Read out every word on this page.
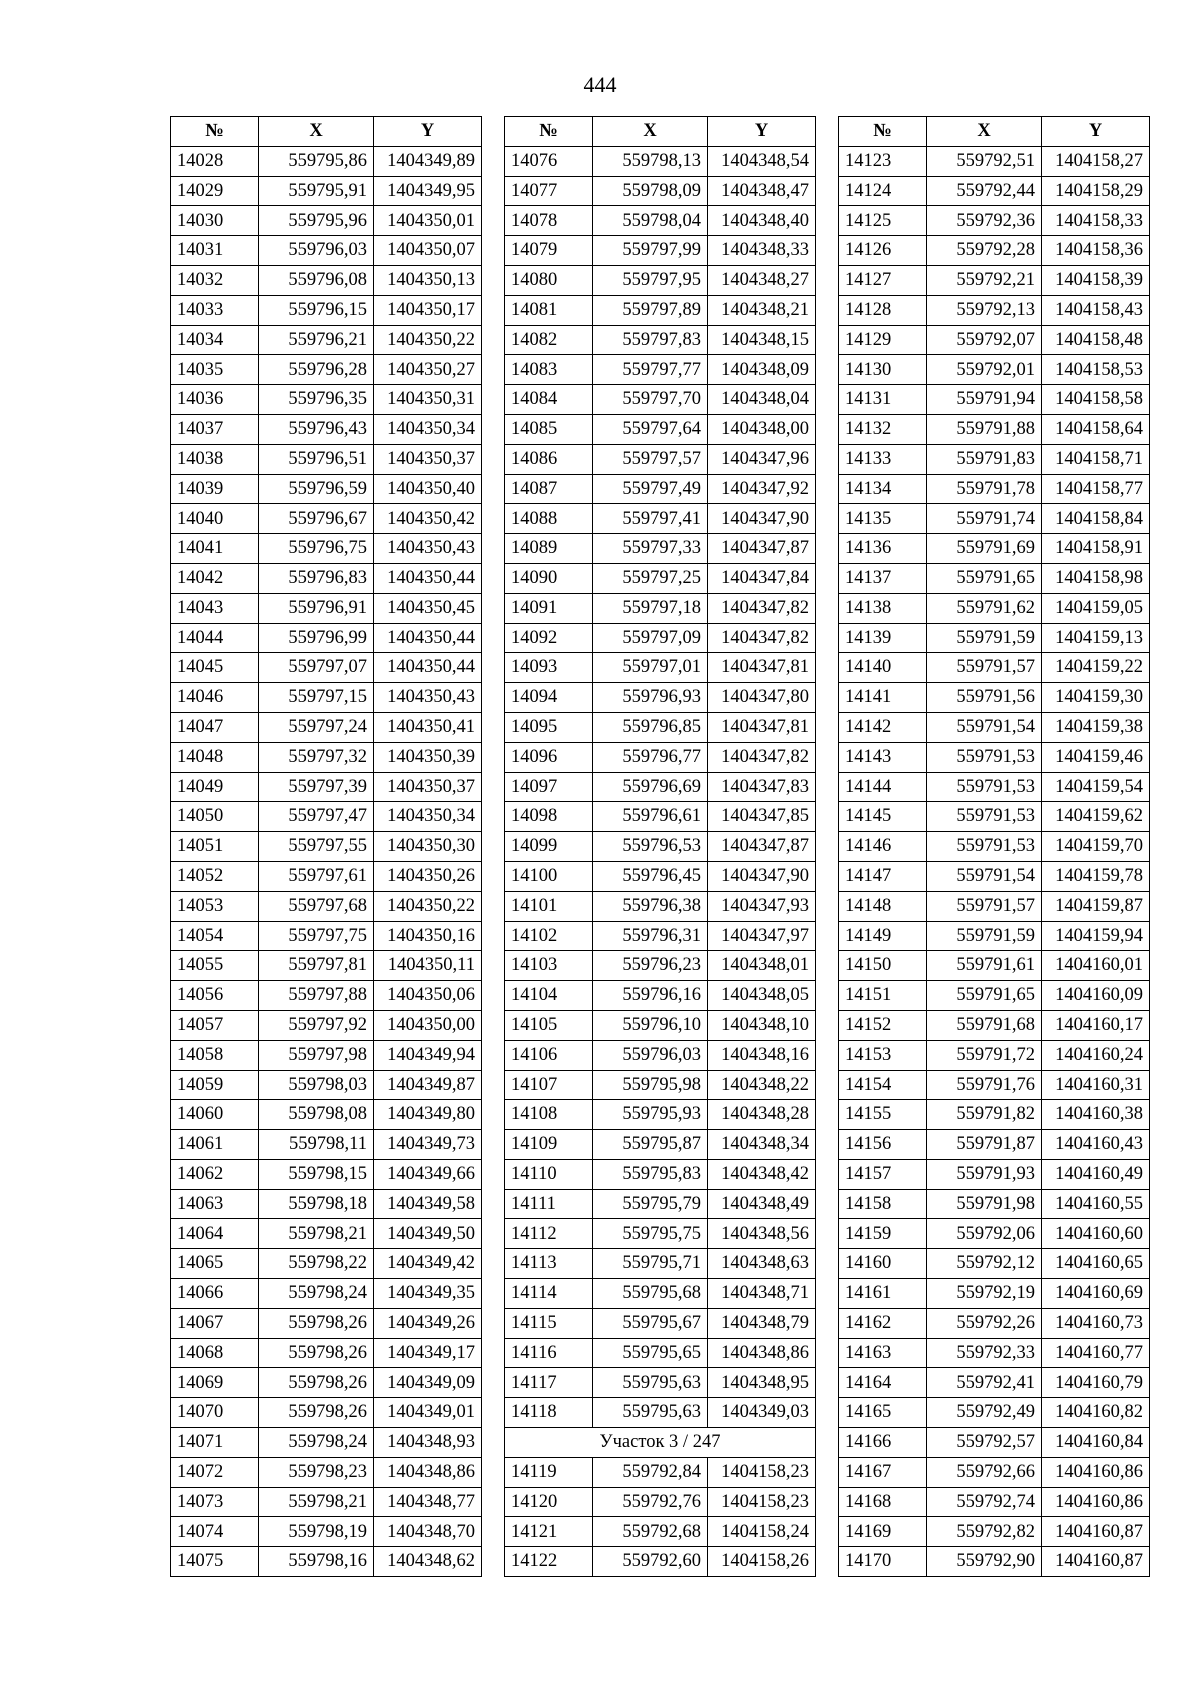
444
№	X	Y
14028	559795,86	1404349,89
14029	559795,91	1404349,95
14030	559795,96	1404350,01
14031	559796,03	1404350,07
14032	559796,08	1404350,13
14033	559796,15	1404350,17
14034	559796,21	1404350,22
14035	559796,28	1404350,27
14036	559796,35	1404350,31
14037	559796,43	1404350,34
14038	559796,51	1404350,37
14039	559796,59	1404350,40
14040	559796,67	1404350,42
14041	559796,75	1404350,43
14042	559796,83	1404350,44
14043	559796,91	1404350,45
14044	559796,99	1404350,44
14045	559797,07	1404350,44
14046	559797,15	1404350,43
14047	559797,24	1404350,41
14048	559797,32	1404350,39
14049	559797,39	1404350,37
14050	559797,47	1404350,34
14051	559797,55	1404350,30
14052	559797,61	1404350,26
14053	559797,68	1404350,22
14054	559797,75	1404350,16
14055	559797,81	1404350,11
14056	559797,88	1404350,06
14057	559797,92	1404350,00
14058	559797,98	1404349,94
14059	559798,03	1404349,87
14060	559798,08	1404349,80
14061	559798,11	1404349,73
14062	559798,15	1404349,66
14063	559798,18	1404349,58
14064	559798,21	1404349,50
14065	559798,22	1404349,42
14066	559798,24	1404349,35
14067	559798,26	1404349,26
14068	559798,26	1404349,17
14069	559798,26	1404349,09
14070	559798,26	1404349,01
14071	559798,24	1404348,93
14072	559798,23	1404348,86
14073	559798,21	1404348,77
14074	559798,19	1404348,70
14075	559798,16	1404348,62
№	X	Y
14076	559798,13	1404348,54
14077	559798,09	1404348,47
14078	559798,04	1404348,40
14079	559797,99	1404348,33
14080	559797,95	1404348,27
14081	559797,89	1404348,21
14082	559797,83	1404348,15
14083	559797,77	1404348,09
14084	559797,70	1404348,04
14085	559797,64	1404348,00
14086	559797,57	1404347,96
14087	559797,49	1404347,92
14088	559797,41	1404347,90
14089	559797,33	1404347,87
14090	559797,25	1404347,84
14091	559797,18	1404347,82
14092	559797,09	1404347,82
14093	559797,01	1404347,81
14094	559796,93	1404347,80
14095	559796,85	1404347,81
14096	559796,77	1404347,82
14097	559796,69	1404347,83
14098	559796,61	1404347,85
14099	559796,53	1404347,87
14100	559796,45	1404347,90
14101	559796,38	1404347,93
14102	559796,31	1404347,97
14103	559796,23	1404348,01
14104	559796,16	1404348,05
14105	559796,10	1404348,10
14106	559796,03	1404348,16
14107	559795,98	1404348,22
14108	559795,93	1404348,28
14109	559795,87	1404348,34
14110	559795,83	1404348,42
14111	559795,79	1404348,49
14112	559795,75	1404348,56
14113	559795,71	1404348,63
14114	559795,68	1404348,71
14115	559795,67	1404348,79
14116	559795,65	1404348,86
14117	559795,63	1404348,95
14118	559795,63	1404349,03
Участок 3 / 247		
14119	559792,84	1404158,23
14120	559792,76	1404158,23
14121	559792,68	1404158,24
14122	559792,60	1404158,26
№	X	Y
14123	559792,51	1404158,27
14124	559792,44	1404158,29
14125	559792,36	1404158,33
14126	559792,28	1404158,36
14127	559792,21	1404158,39
14128	559792,13	1404158,43
14129	559792,07	1404158,48
14130	559792,01	1404158,53
14131	559791,94	1404158,58
14132	559791,88	1404158,64
14133	559791,83	1404158,71
14134	559791,78	1404158,77
14135	559791,74	1404158,84
14136	559791,69	1404158,91
14137	559791,65	1404158,98
14138	559791,62	1404159,05
14139	559791,59	1404159,13
14140	559791,57	1404159,22
14141	559791,56	1404159,30
14142	559791,54	1404159,38
14143	559791,53	1404159,46
14144	559791,53	1404159,54
14145	559791,53	1404159,62
14146	559791,53	1404159,70
14147	559791,54	1404159,78
14148	559791,57	1404159,87
14149	559791,59	1404159,94
14150	559791,61	1404160,01
14151	559791,65	1404160,09
14152	559791,68	1404160,17
14153	559791,72	1404160,24
14154	559791,76	1404160,31
14155	559791,82	1404160,38
14156	559791,87	1404160,43
14157	559791,93	1404160,49
14158	559791,98	1404160,55
14159	559792,06	1404160,60
14160	559792,12	1404160,65
14161	559792,19	1404160,69
14162	559792,26	1404160,73
14163	559792,33	1404160,77
14164	559792,41	1404160,79
14165	559792,49	1404160,82
14166	559792,57	1404160,84
14167	559792,66	1404160,86
14168	559792,74	1404160,86
14169	559792,82	1404160,87
14170	559792,90	1404160,87
